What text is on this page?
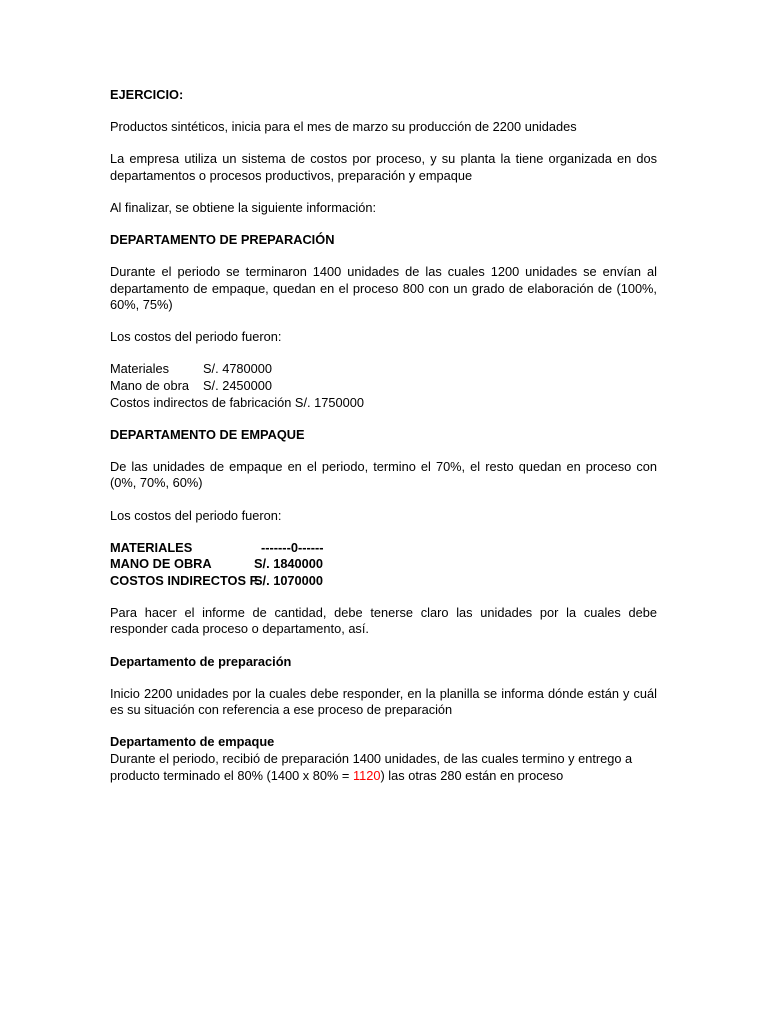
EJERCICIO:

Productos sintéticos, inicia para el mes de marzo su producción de 2200 unidades

La empresa utiliza un sistema de costos por proceso, y su planta la tiene organizada en dos departamentos o procesos productivos, preparación y empaque

Al finalizar, se obtiene la siguiente información:

DEPARTAMENTO DE PREPARACIÓN

Durante el periodo se terminaron 1400 unidades de las cuales 1200 unidades se envían al departamento de empaque, quedan en el proceso 800 con un grado de elaboración de (100%, 60%, 75%)

Los costos del periodo fueron:

Materiales	S/. 4780000
Mano de obra S/. 2450000
Costos indirectos de fabricación S/. 1750000

DEPARTAMENTO DE EMPAQUE

De las unidades de empaque en el periodo, termino el 70%, el resto quedan en proceso con (0%, 70%, 60%)

Los costos del periodo fueron:

MATERIALES	-------0------
MANO DE OBRA	S/. 1840000
COSTOS INDIRECTOS F.S/. 1070000

Para hacer el informe de cantidad, debe tenerse claro las unidades por la cuales debe responder cada proceso o departamento, así.

Departamento de preparación

Inicio 2200 unidades por la cuales debe responder, en la planilla se informa dónde están y cuál es su situación con referencia a ese proceso de preparación

Departamento de empaque

Durante el periodo, recibió de preparación 1400 unidades, de las cuales termino y entrego a producto terminado el 80% (1400 x 80% = 1120) las otras 280 están en proceso
